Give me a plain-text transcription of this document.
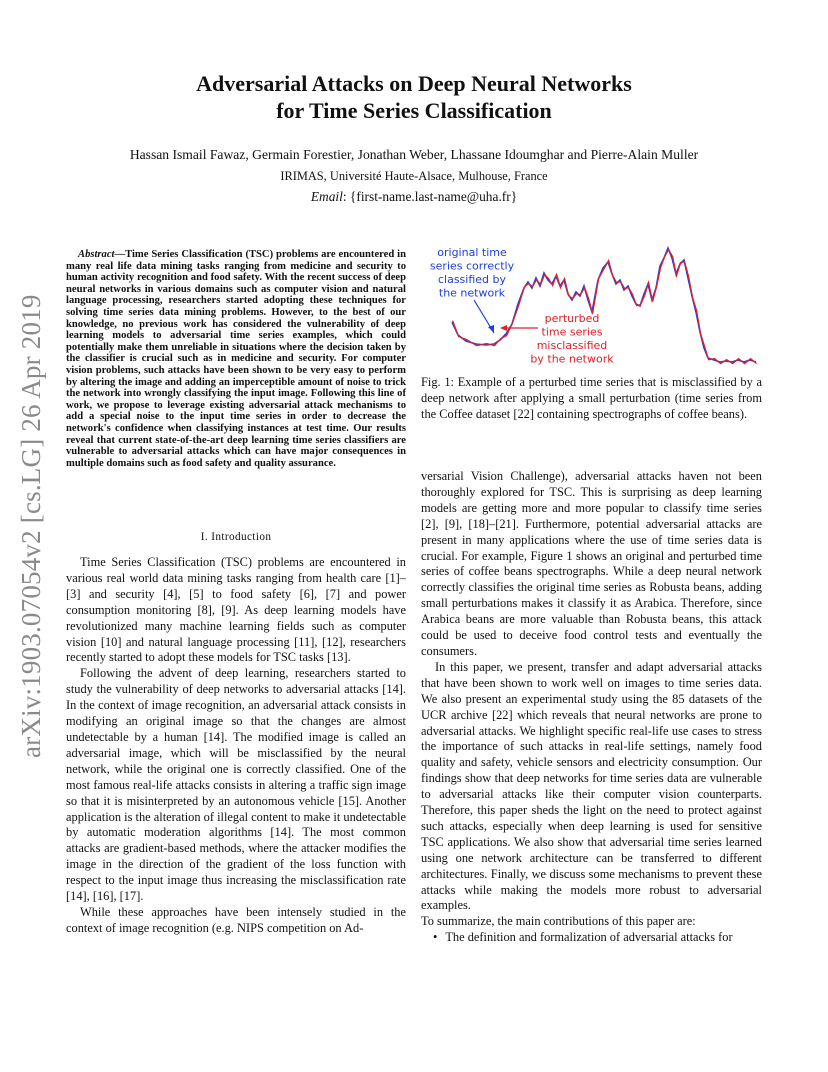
Adversarial Attacks on Deep Neural Networks
for Time Series Classification
Hassan Ismail Fawaz, Germain Forestier, Jonathan Weber, Lhassane Idoumghar and Pierre-Alain Muller
IRIMAS, Université Haute-Alsace, Mulhouse, France
Email: {first-name.last-name@uha.fr}
arXiv:1903.07054v2 [cs.LG] 26 Apr 2019
Abstract—Time Series Classification (TSC) problems are encountered in many real life data mining tasks ranging from medicine and security to human activity recognition and food safety. With the recent success of deep neural networks in various domains such as computer vision and natural language processing, researchers started adopting these techniques for solving time series data mining problems. However, to the best of our knowledge, no previous work has considered the vulnerability of deep learning models to adversarial time series examples, which could potentially make them unreliable in situations where the decision taken by the classifier is crucial such as in medicine and security. For computer vision problems, such attacks have been shown to be very easy to perform by altering the image and adding an imperceptible amount of noise to trick the network into wrongly classifying the input image. Following this line of work, we propose to leverage existing adversarial attack mechanisms to add a special noise to the input time series in order to decrease the network's confidence when classifying instances at test time. Our results reveal that current state-of-the-art deep learning time series classifiers are vulnerable to adversarial attacks which can have major consequences in multiple domains such as food safety and quality assurance.
I. Introduction

Time Series Classification (TSC) problems are encountered in various real world data mining tasks ranging from health care [1]–[3] and security [4], [5] to food safety [6], [7] and power consumption monitoring [8], [9]. As deep learning models have revolutionized many machine learning fields such as computer vision [10] and natural language processing [11], [12], researchers recently started to adopt these models for TSC tasks [13].

Following the advent of deep learning, researchers started to study the vulnerability of deep networks to adversarial attacks [14]. In the context of image recognition, an adversarial attack consists in modifying an original image so that the changes are almost undetectable by a human [14]. The modified image is called an adversarial image, which will be misclassified by the neural network, while the original one is correctly classified. One of the most famous real-life attacks consists in altering a traffic sign image so that it is misinterpreted by an autonomous vehicle [15]. Another application is the alteration of illegal content to make it undetectable by automatic moderation algorithms [14]. The most common attacks are gradient-based methods, where the attacker modifies the image in the direction of the gradient of the loss function with respect to the input image thus increasing the misclassification rate [14], [16], [17].

While these approaches have been intensely studied in the context of image recognition (e.g. NIPS competition on Ad-

original time
series correctly
classified by
the network
perturbed
time series
misclassified
by the network
Fig. 1: Example of a perturbed time series that is misclassified by a deep network after applying a small perturbation (time series from the Coffee dataset [22] containing spectrographs of coffee beans).

versarial Vision Challenge), adversarial attacks haven not been thoroughly explored for TSC. This is surprising as deep learning models are getting more and more popular to classify time series [2], [9], [18]–[21]. Furthermore, potential adversarial attacks are present in many applications where the use of time series data is crucial. For example, Figure 1 shows an original and perturbed time series of coffee beans spectrographs. While a deep neural network correctly classifies the original time series as Robusta beans, adding small perturbations makes it classify it as Arabica. Therefore, since Arabica beans are more valuable than Robusta beans, this attack could be used to deceive food control tests and eventually the consumers.

In this paper, we present, transfer and adapt adversarial attacks that have been shown to work well on images to time series data. We also present an experimental study using the 85 datasets of the UCR archive [22] which reveals that neural networks are prone to adversarial attacks. We highlight specific real-life use cases to stress the importance of such attacks in real-life settings, namely food quality and safety, vehicle sensors and electricity consumption. Our findings show that deep networks for time series data are vulnerable to adversarial attacks like their computer vision counterparts. Therefore, this paper sheds the light on the need to protect against such attacks, especially when deep learning is used for sensitive TSC applications. We also show that adversarial time series learned using one network architecture can be transferred to different architectures. Finally, we discuss some mechanisms to prevent these attacks while making the models more robust to adversarial examples.

To summarize, the main contributions of this paper are:

• The definition and formalization of adversarial attacks for
